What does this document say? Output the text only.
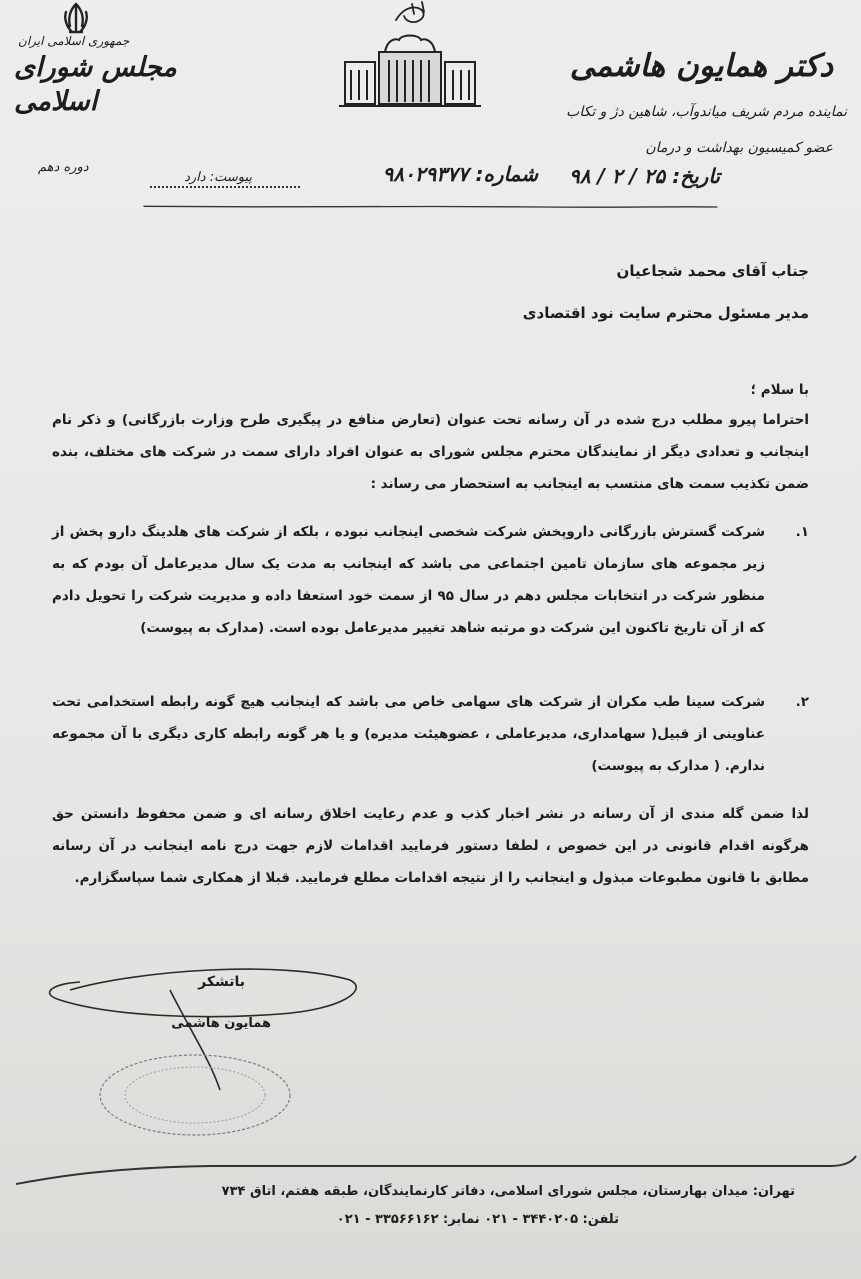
جمهوری اسلامی ایران
مجلس شورای
اسلامی
دوره دهم
دکتر همایون هاشمی
نماینده مردم شریف میاندوآب، شاهین دژ و تکاب
عضو کمیسیون بهداشت و درمان
تاریخ: ۲۵ / ۲ / ۹۸
شماره: ۹۸۰۲۹۳۷۷
پیوست: دارد
جناب آقای محمد شجاعیان
مدیر مسئول محترم سایت نود اقتصادی
با سلام ؛
احتراما پیرو مطلب درج شده در آن رسانه تحت عنوان (تعارض منافع در پیگیری طرح وزارت بازرگانی) و ذکر نام اینجانب و تعدادی دیگر از نمایندگان محترم مجلس شورای به عنوان افراد دارای سمت در شرکت های مختلف، بنده ضمن تکذیب سمت های منتسب به اینجانب به استحضار می رساند :
۱.
شرکت گسترش بازرگانی داروپخش شرکت شخصی اینجانب نبوده ، بلکه از شرکت های هلدینگ دارو پخش از زیر مجموعه های سازمان تامین اجتماعی می باشد که اینجانب به مدت یک سال مدیرعامل آن بودم که به منظور شرکت در انتخابات مجلس دهم در سال ۹۵ از سمت خود استعفا داده و مدیریت شرکت را تحویل دادم که از آن تاریخ تاکنون این شرکت دو مرتبه شاهد تغییر مدیرعامل بوده است. (مدارک به پیوست)
۲.
شرکت سینا طب مکران از شرکت های سهامی خاص می باشد که اینجانب هیچ گونه رابطه استخدامی تحت عناوینی از قبیل( سهامداری، مدیرعاملی ، عضوهیئت مدیره) و یا هر گونه رابطه کاری دیگری با آن مجموعه ندارم. ( مدارک به پیوست)
لذا ضمن گله مندی از آن رسانه در نشر اخبار کذب و عدم رعایت اخلاق رسانه ای و ضمن محفوظ دانستن حق هرگونه اقدام قانونی در این خصوص ، لطفا دستور فرمایید اقدامات لازم جهت درج نامه اینجانب در آن رسانه مطابق با قانون مطبوعات مبذول و اینجانب را از نتیجه اقدامات مطلع فرمایید. قبلا از همکاری شما سپاسگزارم.
باتشکر
همایون هاشمی
تهران: میدان بهارستان، مجلس شورای اسلامی، دفاتر کارنمایندگان، طبقه هفتم، اتاق ۷۳۴
تلفن: ۳۴۴۰۲۰۵ - ۰۲۱ نمابر: ۳۳۵۶۶۱۶۲ - ۰۲۱
